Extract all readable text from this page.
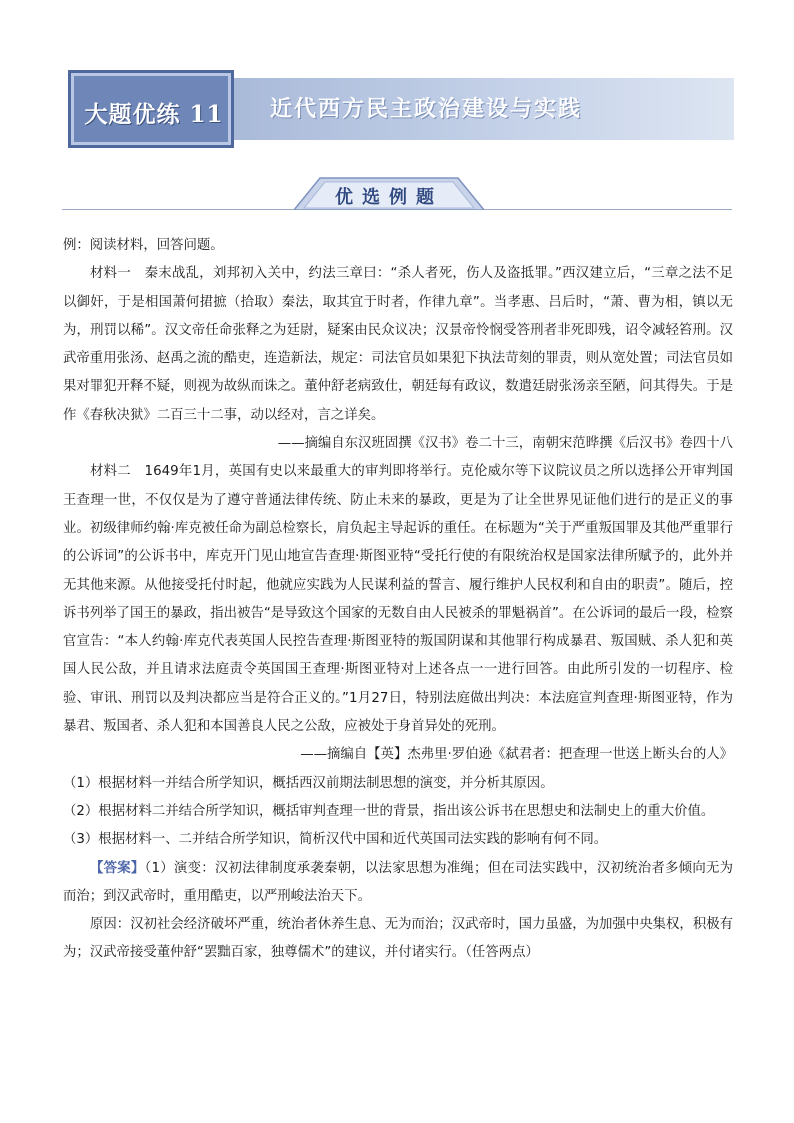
近代西方民主政治建设与实践
大题优练 11
优选例题

例：阅读材料，回答问题。

材料一　秦末战乱，刘邦初入关中，约法三章曰：“杀人者死，伤人及盗抵罪。”西汉建立后，“三章之法不足以御奸，于是相国萧何捃摭（拾取）秦法，取其宜于时者，作律九章”。当孝惠、吕后时，“萧、曹为相，镇以无为，刑罚以稀”。汉文帝任命张释之为廷尉，疑案由民众议决；汉景帝怜悯受答刑者非死即残，诏令减轻笞刑。汉武帝重用张汤、赵禹之流的酷吏，连造新法，规定：司法官员如果犯下执法苛刻的罪责，则从宽处置；司法官员如果对罪犯开释不疑，则视为故纵而诛之。董仲舒老病致仕，朝廷每有政议，数遣廷尉张汤亲至陋，问其得失。于是作《春秋决狱》二百三十二事，动以经对，言之详矣。

——摘编自东汉班固撰《汉书》卷二十三，南朝宋范晔撰《后汉书》卷四十八

材料二　1649年1月，英国有史以来最重大的审判即将举行。克伦威尔等下议院议员之所以选择公开审判国王查理一世，不仅仅是为了遵守普通法律传统、防止未来的暴政，更是为了让全世界见证他们进行的是正义的事业。初级律师约翰·库克被任命为副总检察长，肩负起主导起诉的重任。在标题为“关于严重叛国罪及其他严重罪行的公诉词”的公诉书中，库克开门见山地宣告查理·斯图亚特“受托行使的有限统治权是国家法律所赋予的，此外并无其他来源。从他接受托付时起，他就应实践为人民谋利益的誓言、履行维护人民权利和自由的职责”。随后，控诉书列举了国王的暴政，指出被告“是导致这个国家的无数自由人民被杀的罪魁祸首”。在公诉词的最后一段，检察官宣告：“本人约翰·库克代表英国人民控告查理·斯图亚特的叛国阴谋和其他罪行构成暴君、叛国贼、杀人犯和英国人民公敌，并且请求法庭责令英国国王查理·斯图亚特对上述各点一一进行回答。由此所引发的一切程序、检验、审讯、刑罚以及判决都应当是符合正义的。”1月27日，特别法庭做出判决：本法庭宣判查理·斯图亚特，作为暴君、叛国者、杀人犯和本国善良人民之公敌，应被处于身首异处的死刑。

——摘编自【英】杰弗里·罗伯逊《弑君者：把查理一世送上断头台的人》

（1）根据材料一并结合所学知识，概括西汉前期法制思想的演变，并分析其原因。

（2）根据材料二并结合所学知识，概括审判查理一世的背景，指出该公诉书在思想史和法制史上的重大价值。

（3）根据材料一、二并结合所学知识，简析汉代中国和近代英国司法实践的影响有何不同。

【答案】（1）演变：汉初法律制度承袭秦朝，以法家思想为准绳；但在司法实践中，汉初统治者多倾向无为而治；到汉武帝时，重用酷吏，以严刑峻法治天下。

原因：汉初社会经济破坏严重，统治者休养生息、无为而治；汉武帝时，国力虽盛，为加强中央集权，积极有为；汉武帝接受董仲舒“罢黜百家，独尊儒术”的建议，并付诸实行。（任答两点）
